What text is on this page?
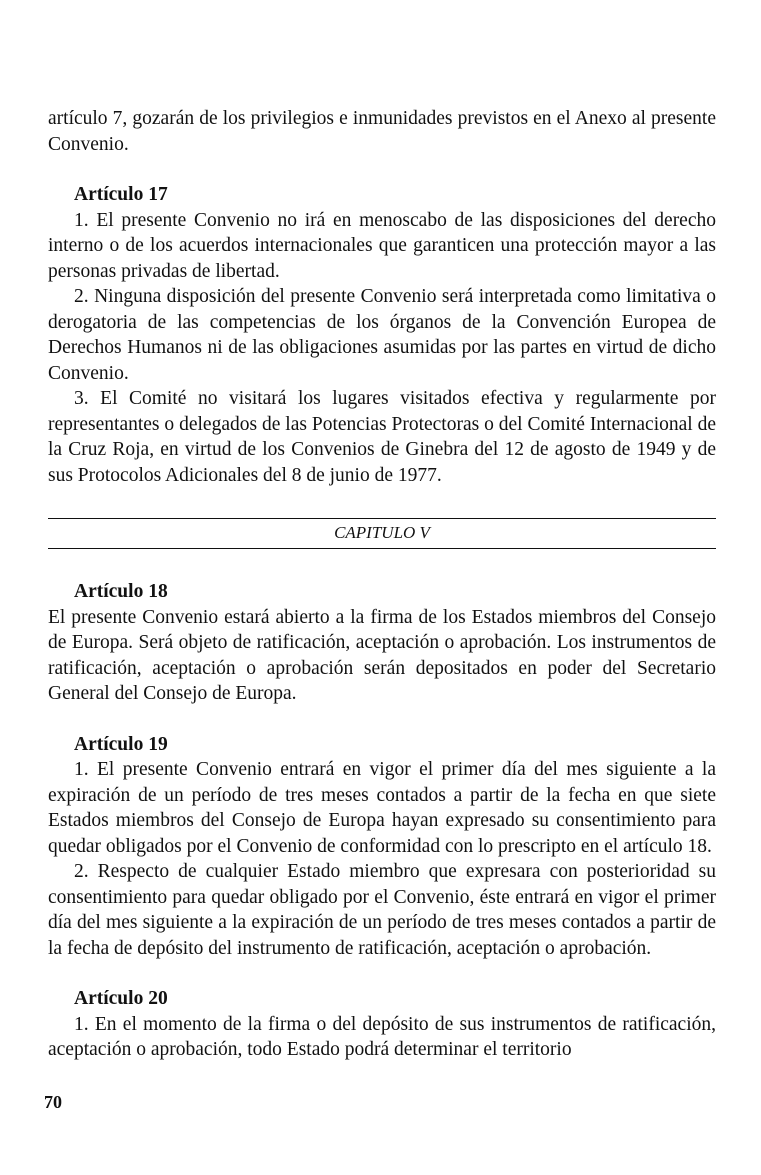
artículo 7, gozarán de los privilegios e inmunidades previstos en el Anexo al presente Convenio.

Artículo 17

1. El presente Convenio no irá en menoscabo de las disposiciones del derecho interno o de los acuerdos internacionales que garanticen una protección mayor a las personas privadas de libertad.

2. Ninguna disposición del presente Convenio será interpretada como limitativa o derogatoria de las competencias de los órganos de la Convención Europea de Derechos Humanos ni de las obligaciones asumidas por las partes en virtud de dicho Convenio.

3. El Comité no visitará los lugares visitados efectiva y regularmente por representantes o delegados de las Potencias Protectoras o del Comité Internacional de la Cruz Roja, en virtud de los Convenios de Ginebra del 12 de agosto de 1949 y de sus Protocolos Adicionales del 8 de junio de 1977.

CAPITULO V
Artículo 18

El presente Convenio estará abierto a la firma de los Estados miembros del Consejo de Europa. Será objeto de ratificación, aceptación o aprobación. Los instrumentos de ratificación, aceptación o aprobación serán depositados en poder del Secretario General del Consejo de Europa.

Artículo 19

1. El presente Convenio entrará en vigor el primer día del mes siguiente a la expiración de un período de tres meses contados a partir de la fecha en que siete Estados miembros del Consejo de Europa hayan expresado su consentimiento para quedar obligados por el Convenio de conformidad con lo prescripto en el artículo 18.

2. Respecto de cualquier Estado miembro que expresara con posterioridad su consentimiento para quedar obligado por el Convenio, éste entrará en vigor el primer día del mes siguiente a la expiración de un período de tres meses contados a partir de la fecha de depósito del instrumento de ratificación, aceptación o aprobación.

Artículo 20

1. En el momento de la firma o del depósito de sus instrumentos de ratificación, aceptación o aprobación, todo Estado podrá determinar el territorio

70
